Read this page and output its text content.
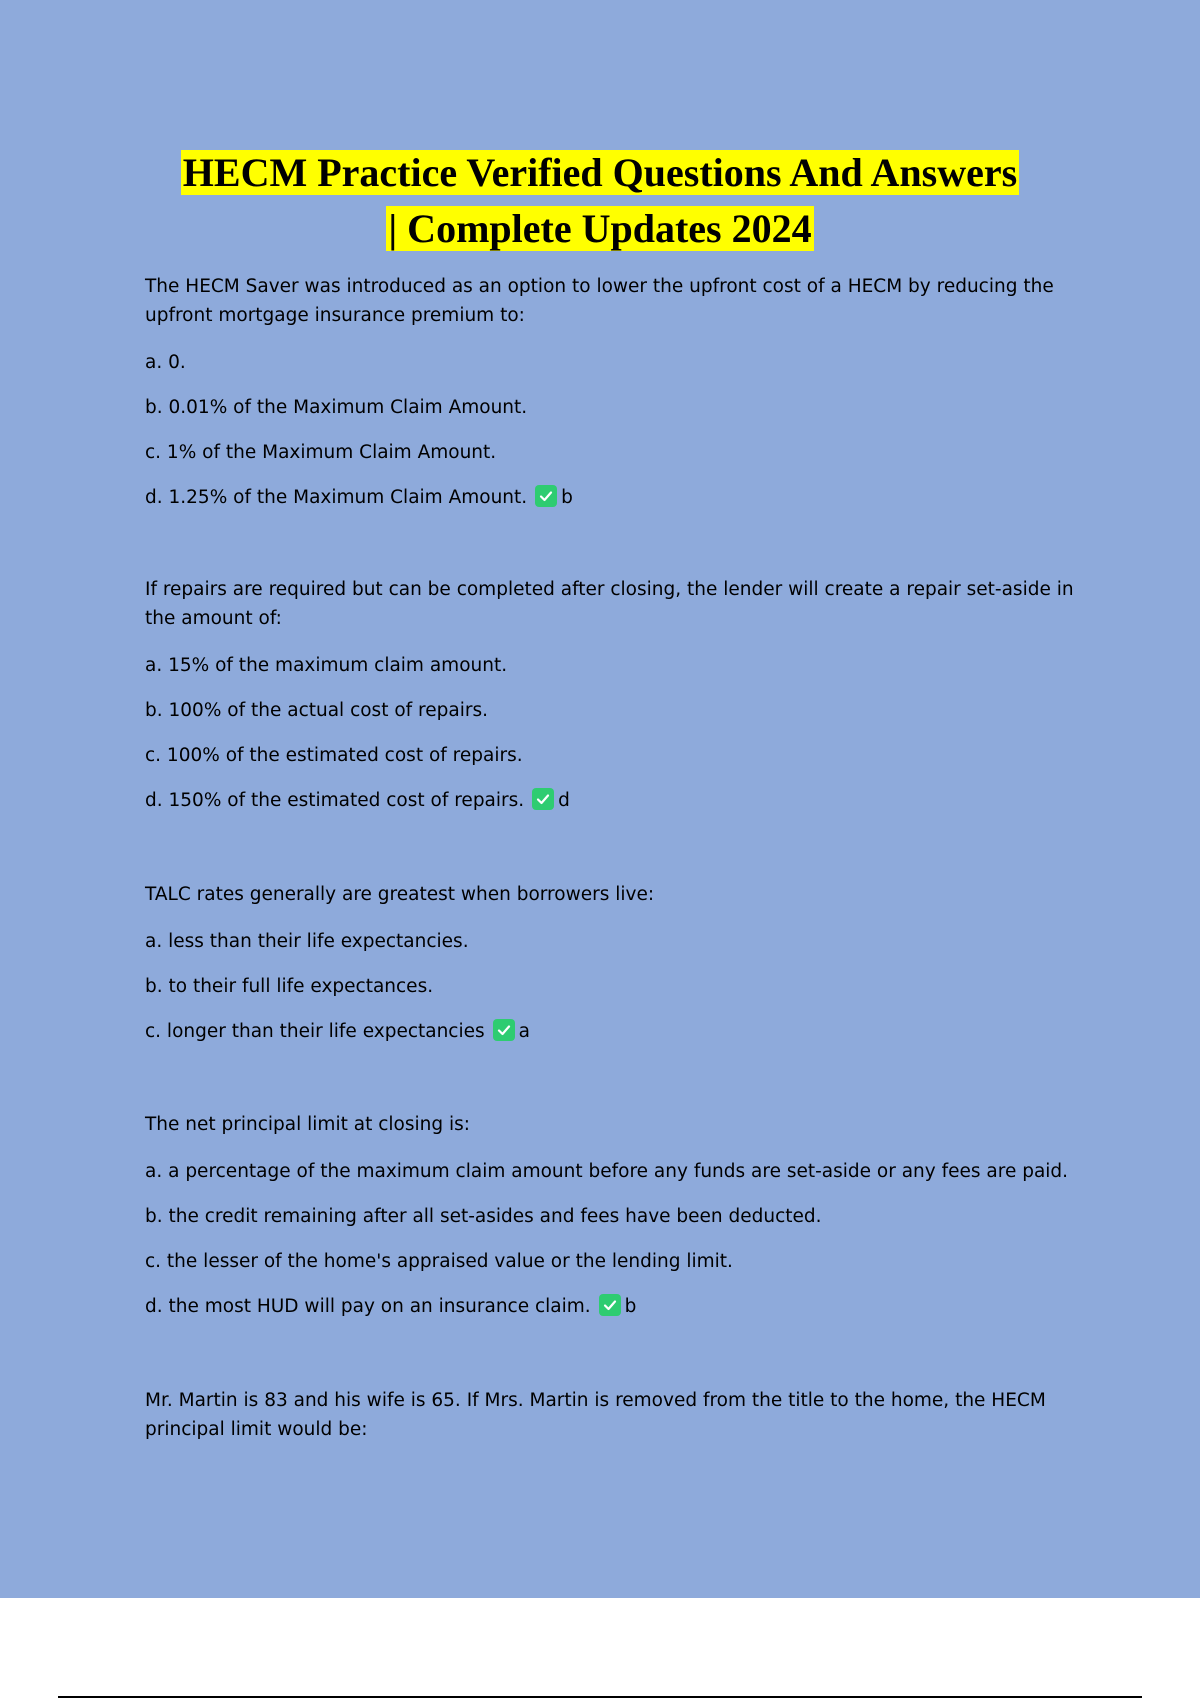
HECM Practice Verified Questions And Answers
| Complete Updates 2024

The HECM Saver was introduced as an option to lower the upfront cost of a HECM by reducing the upfront mortgage insurance premium to:

a. 0.

b. 0.01% of the Maximum Claim Amount.

c. 1% of the Maximum Claim Amount.

d. 1.25% of the Maximum Claim Amount. b

If repairs are required but can be completed after closing, the lender will create a repair set-aside in the amount of:

a. 15% of the maximum claim amount.

b. 100% of the actual cost of repairs.

c. 100% of the estimated cost of repairs.

d. 150% of the estimated cost of repairs. d

TALC rates generally are greatest when borrowers live:

a. less than their life expectancies.

b. to their full life expectances.

c. longer than their life expectancies a

The net principal limit at closing is:

a. a percentage of the maximum claim amount before any funds are set-aside or any fees are paid.

b. the credit remaining after all set-asides and fees have been deducted.

c. the lesser of the home's appraised value or the lending limit.

d. the most HUD will pay on an insurance claim. b

Mr. Martin is 83 and his wife is 65. If Mrs. Martin is removed from the title to the home, the HECM principal limit would be:
